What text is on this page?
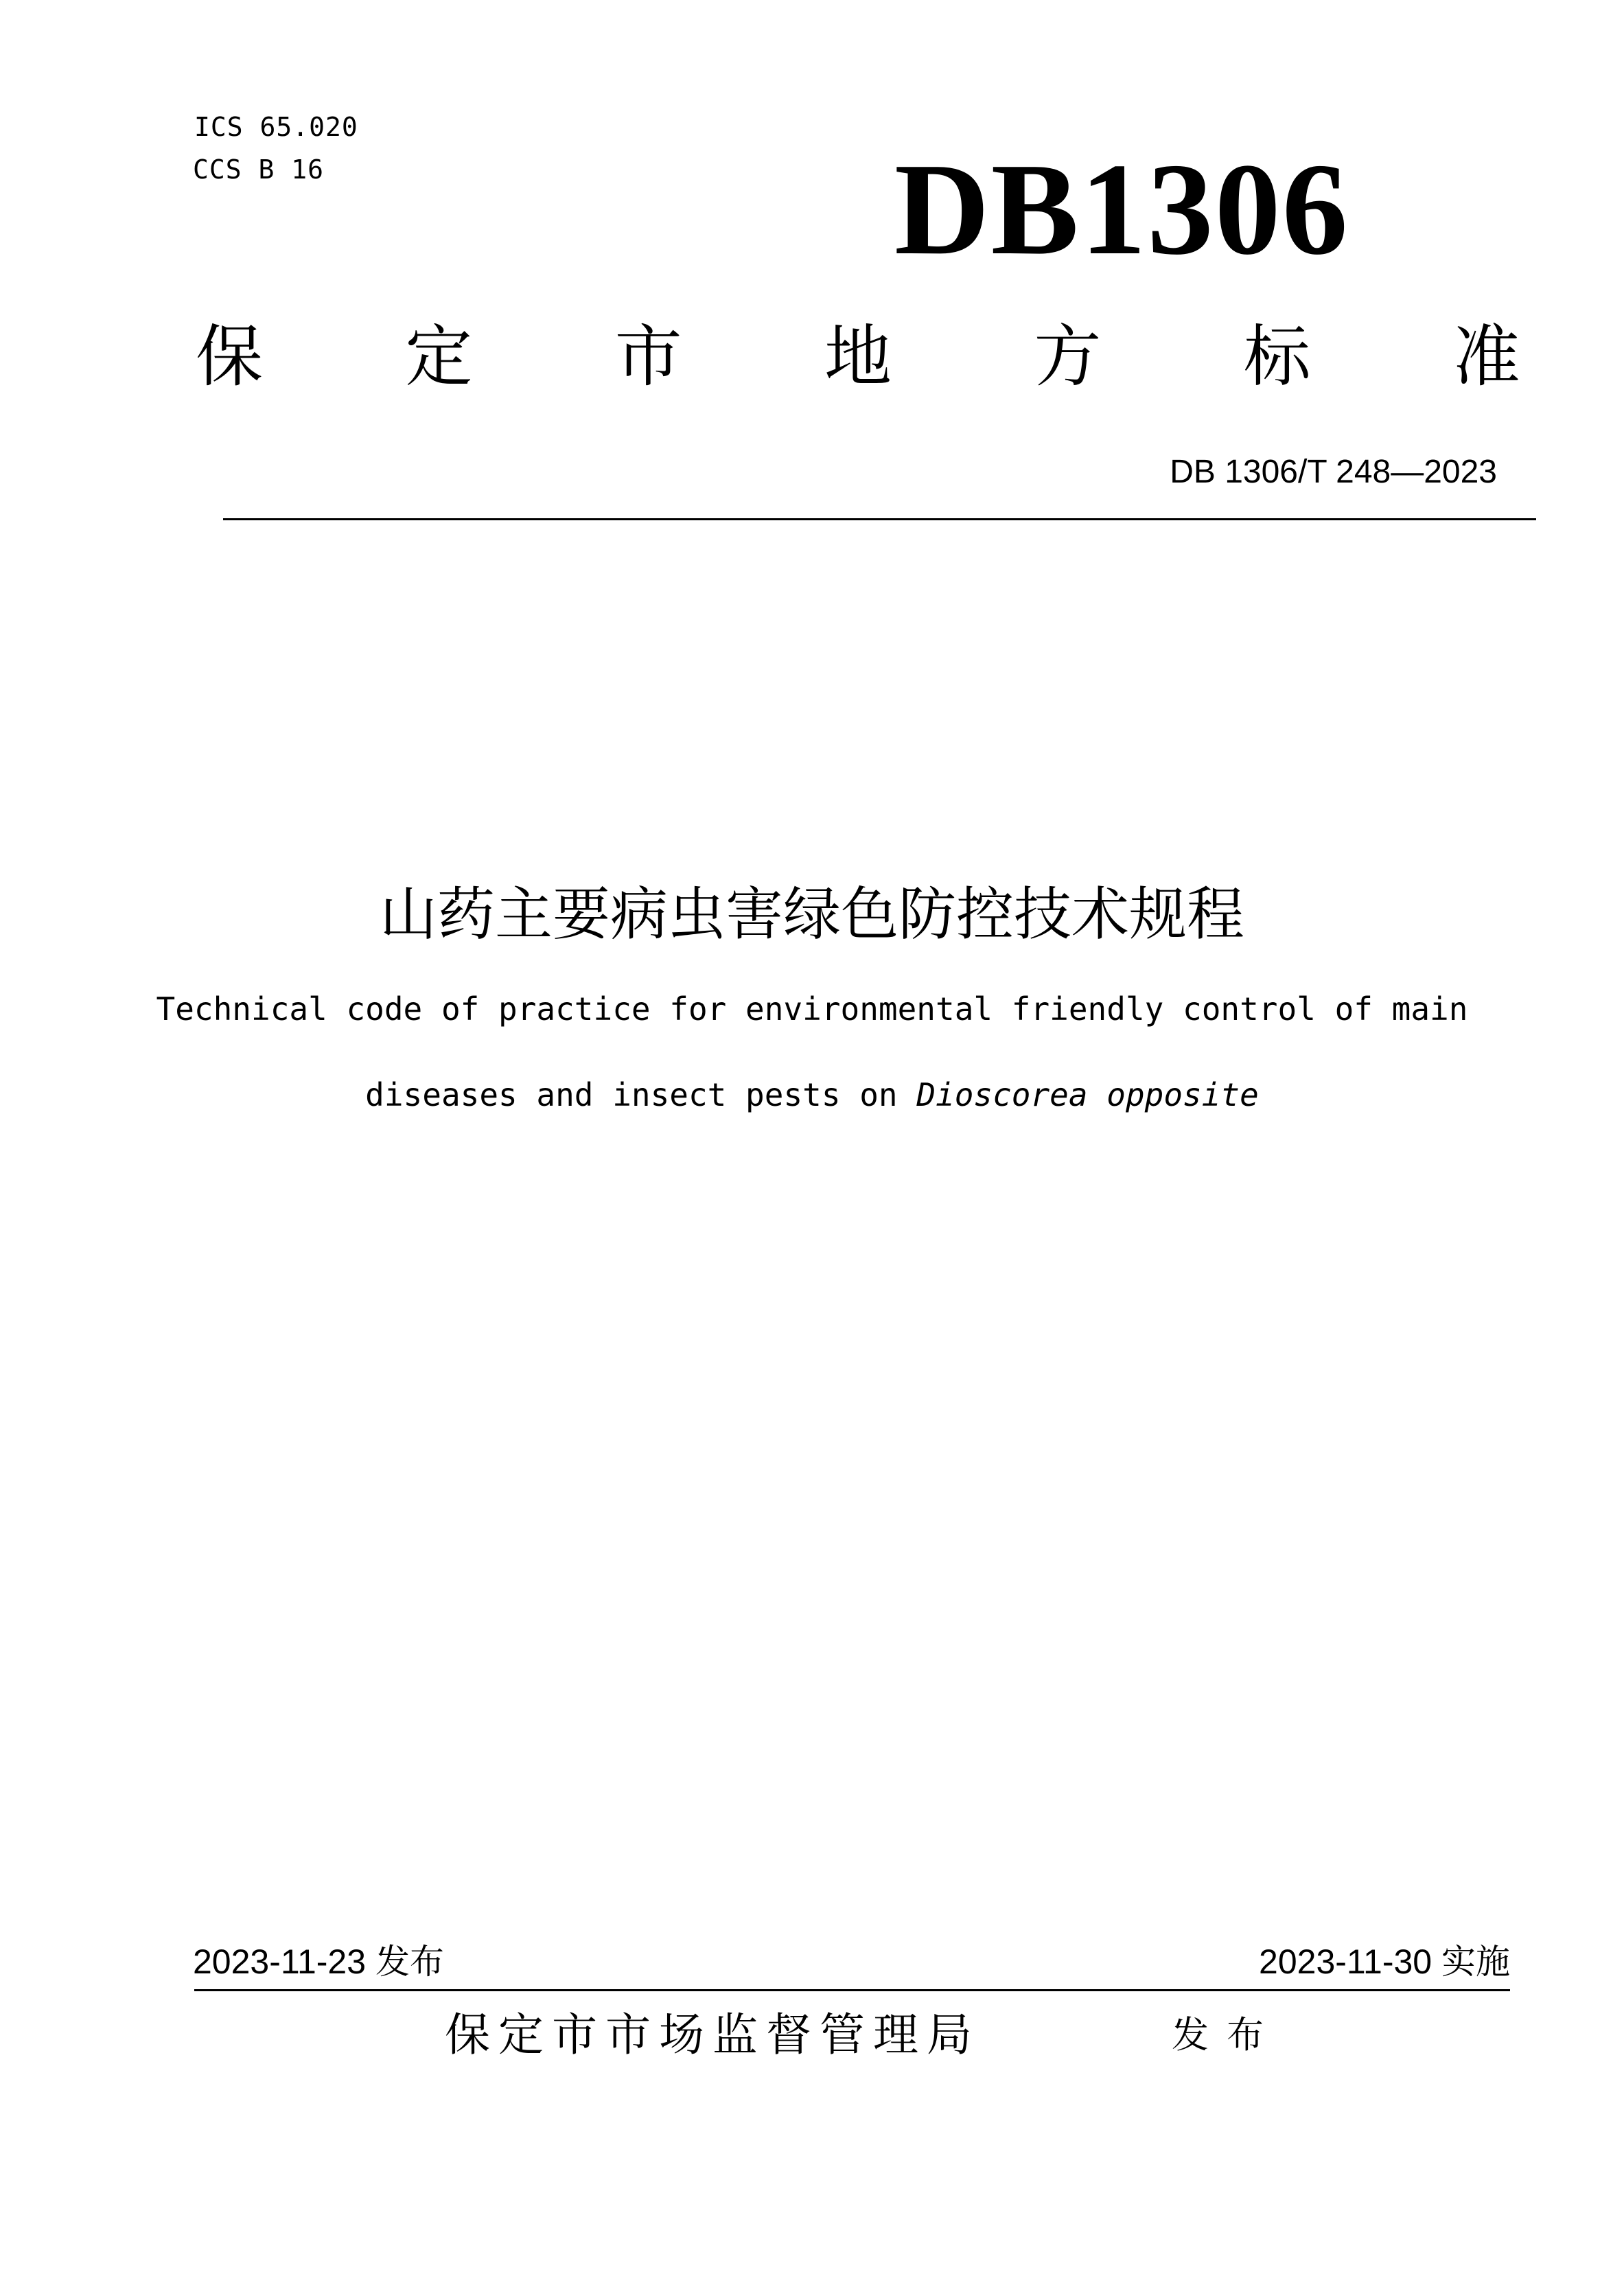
ICS 65.020
CCS B 16	DB1306
保 定 市 地 方 标 准
DB 1306/T 248—2023
山药主要病虫害绿色防控技术规程
Technical code of practice for environmental friendly control of main
diseases and insect pests on Dioscorea opposite
2023-11-23 发布	2023-11-30 实施
保定市市场监督管理局	发布
